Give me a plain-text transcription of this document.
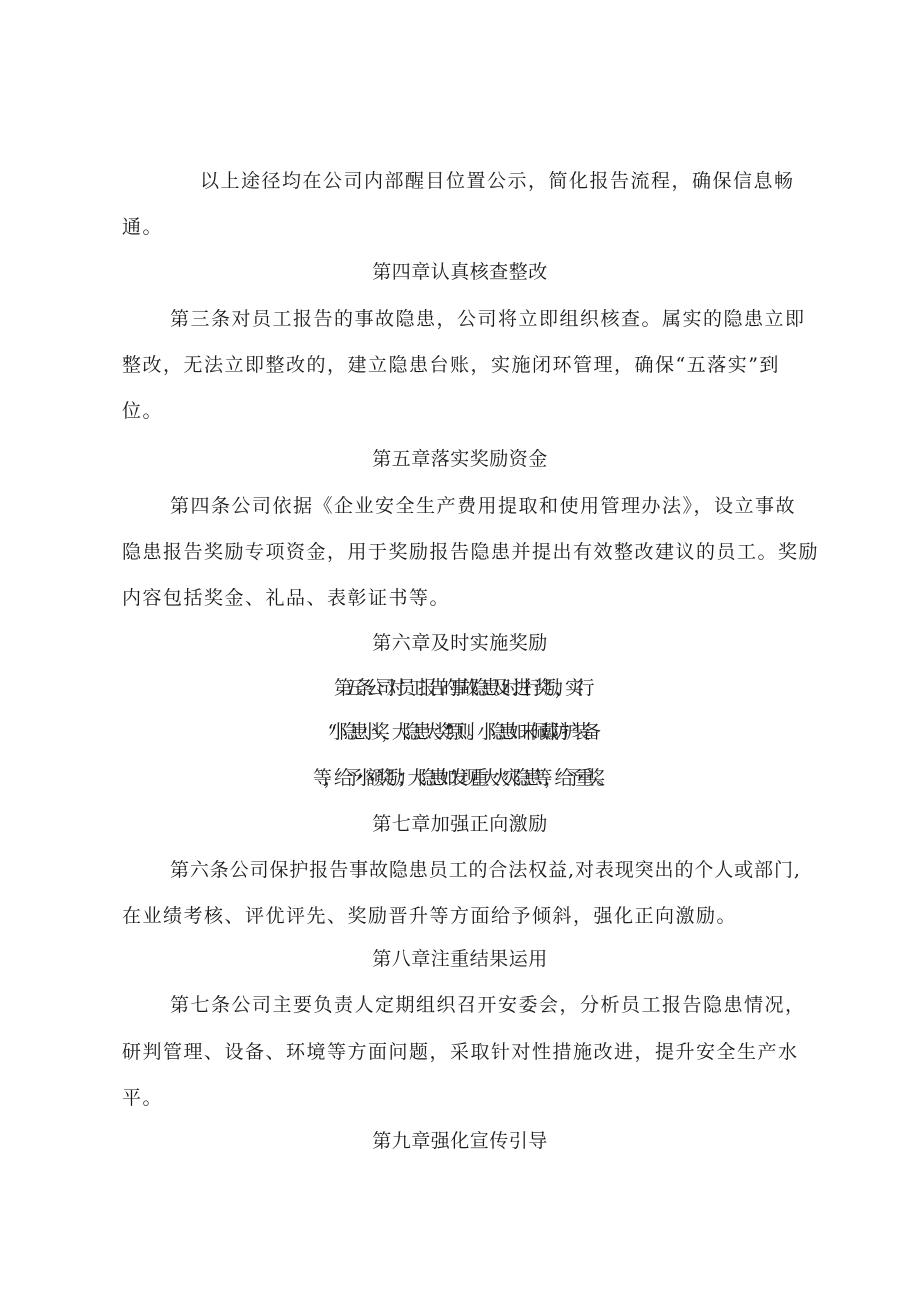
以上途径均在公司内部醒目位置公示，简化报告流程，确保信息畅
通。
第四章认真核查整改
第三条对员工报告的事故隐患，公司将立即组织核查。属实的隐患立即
整改，无法立即整改的，建立隐患台账，实施闭环管理，确保“五落实”到
位。
第五章落实奖励资金
第四条公司依据《企业安全生产费用提取和使用管理办法》，设立事故
隐患报告奖励专项资金，用于奖励报告隐患并提出有效整改建议的员工。奖励
内容包括奖金、礼品、表彰证书等。
第六章及时实施奖励
第五条公司对员工报告的事故隐患及时进行奖励，实行
“小隐患小奖，大隐患大奖”原则。小隐患如未佩戴防护装备
等，给予小额奖励；大隐患如发现重大火灾隐患等，给予重奖。
第七章加强正向激励
第六条公司保护报告事故隐患员工的合法权益,对表现突出的个人或部门,
在业绩考核、评优评先、奖励晋升等方面给予倾斜，强化正向激励。
第八章注重结果运用
第七条公司主要负责人定期组织召开安委会，分析员工报告隐患情况，
研判管理、设备、环境等方面问题，采取针对性措施改进，提升安全生产水
平。
第九章强化宣传引导
